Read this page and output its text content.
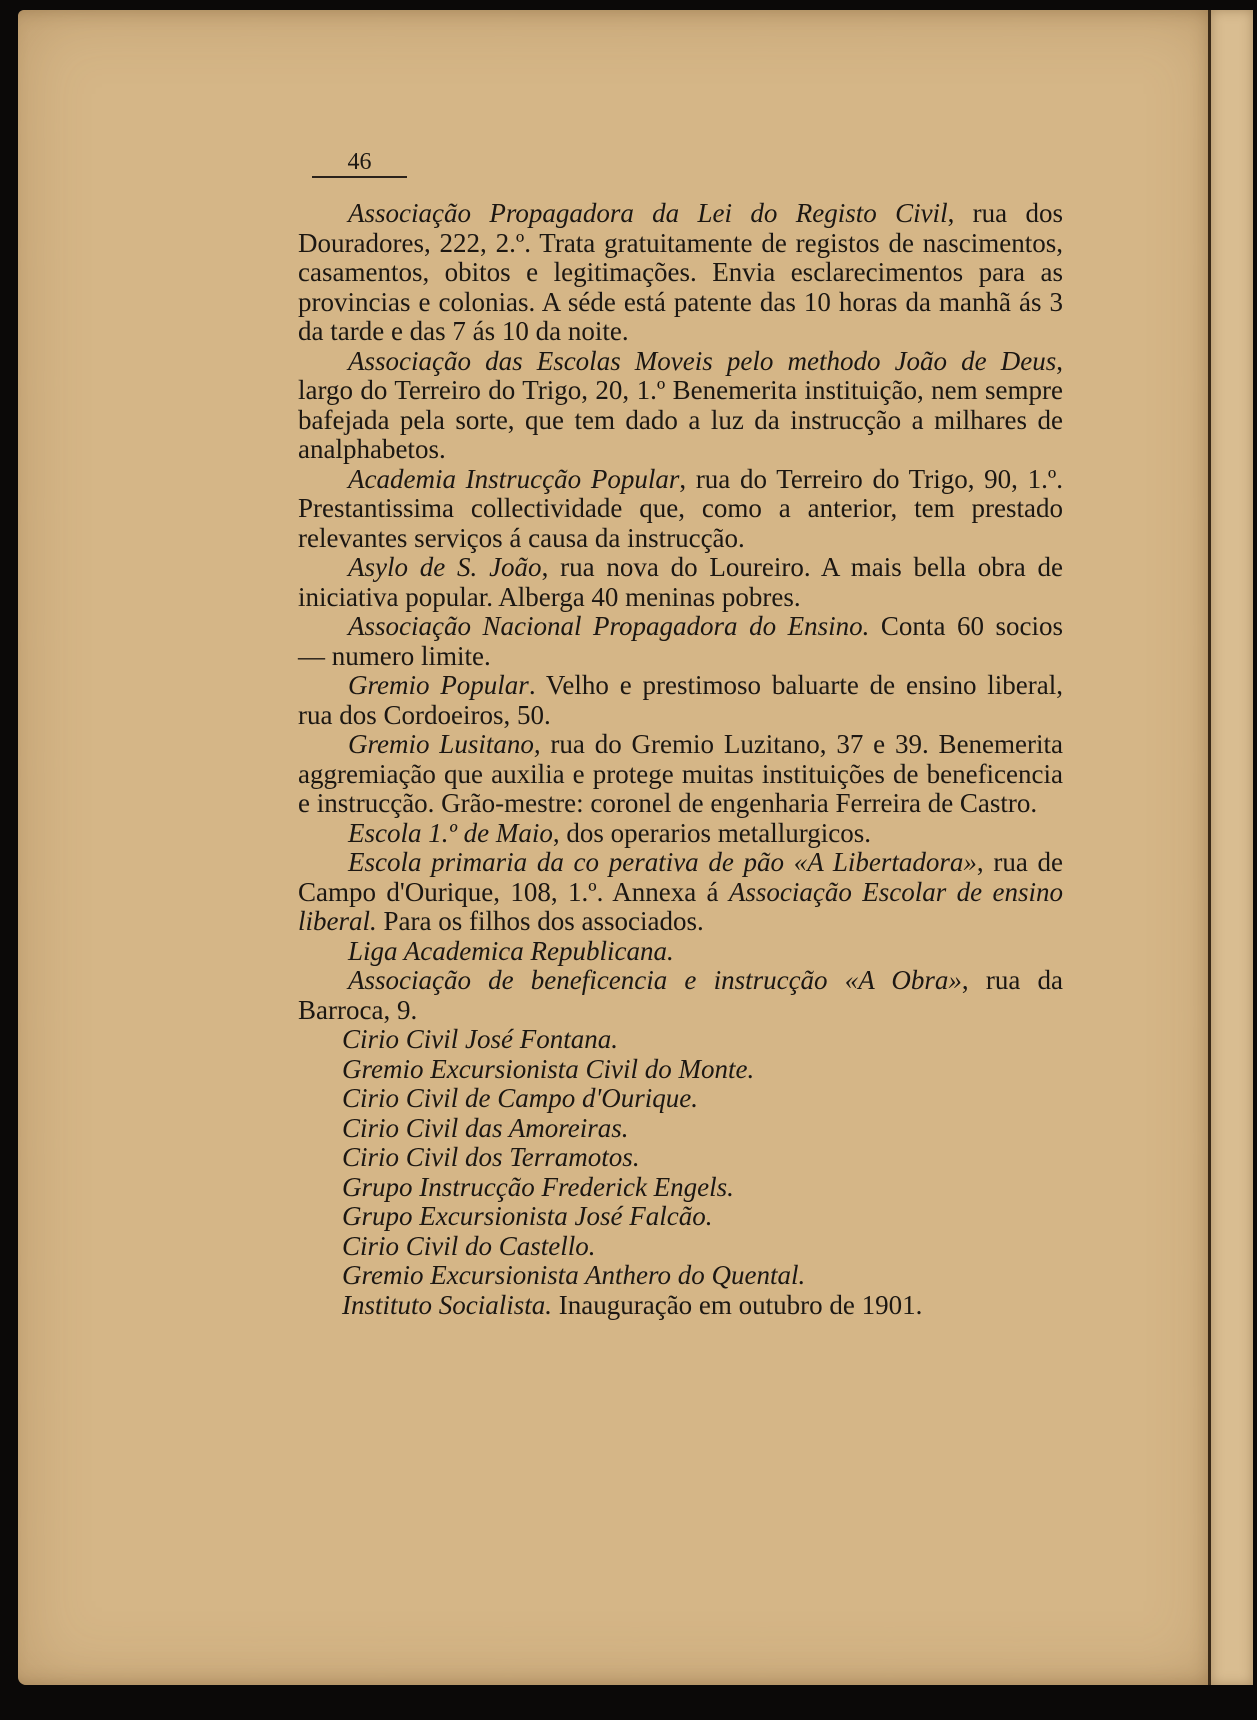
46

Associação Propagadora da Lei do Registo Civil, rua dos Douradores, 222, 2.º. Trata gratuitamente de registos de nascimentos, casamentos, obitos e legitimações. Envia esclarecimentos para as provincias e colonias. A séde está patente das 10 horas da manhã ás 3 da tarde e das 7 ás 10 da noite.

Associação das Escolas Moveis pelo methodo João de Deus, largo do Terreiro do Trigo, 20, 1.º Benemerita instituição, nem sempre bafejada pela sorte, que tem dado a luz da instrucção a milhares de analphabetos.

Academia Instrucção Popular, rua do Terreiro do Trigo, 90, 1.º. Prestantissima collectividade que, como a anterior, tem prestado relevantes serviços á causa da instrucção.

Asylo de S. João, rua nova do Loureiro. A mais bella obra de iniciativa popular. Alberga 40 meninas pobres.

Associação Nacional Propagadora do Ensino. Conta 60 socios — numero limite.

Gremio Popular. Velho e prestimoso baluarte de ensino liberal, rua dos Cordoeiros, 50.

Gremio Lusitano, rua do Gremio Luzitano, 37 e 39. Benemerita aggremiação que auxilia e protege muitas instituições de beneficencia e instrucção. Grão-mestre: coronel de engenharia Ferreira de Castro.

Escola 1.º de Maio, dos operarios metallurgicos.

Escola primaria da co perativa de pão «A Libertadora», rua de Campo d'Ourique, 108, 1.º. Annexa á Associação Escolar de ensino liberal. Para os filhos dos associados.

Liga Academica Republicana.

Associação de beneficencia e instrucção «A Obra», rua da Barroca, 9.

Cirio Civil José Fontana.

Gremio Excursionista Civil do Monte.

Cirio Civil de Campo d'Ourique.

Cirio Civil das Amoreiras.

Cirio Civil dos Terramotos.

Grupo Instrucção Frederick Engels.

Grupo Excursionista José Falcão.

Cirio Civil do Castello.

Gremio Excursionista Anthero do Quental.

Instituto Socialista. Inauguração em outubro de 1901.
